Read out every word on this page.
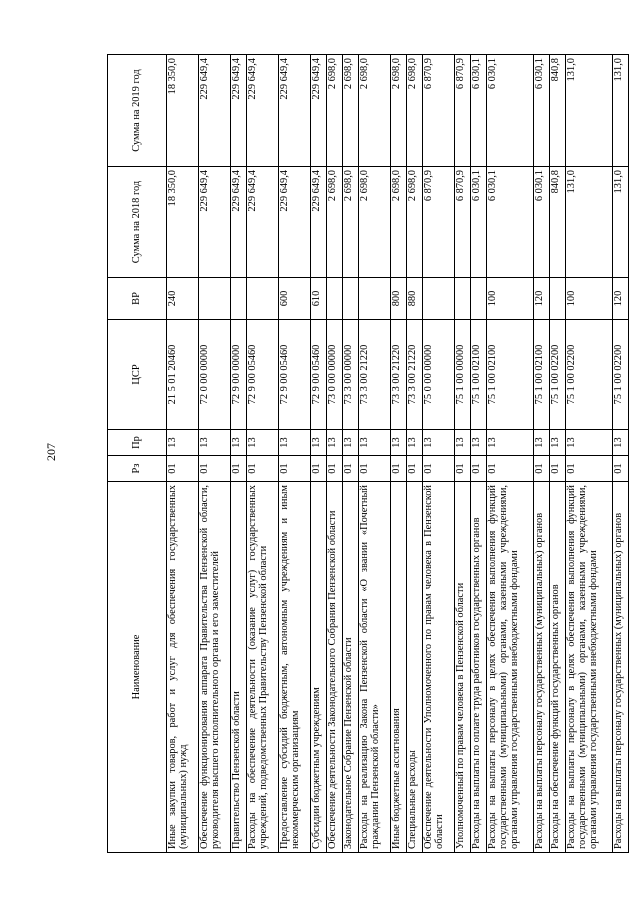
207
Наименование	Рз	Пр	ЦСР	ВР	Сумма на 2018 год	Сумма на 2019 год
Иные закупки товаров, работ и услуг для обеспечения государственных (муниципальных) нужд	01	13	21 5 01 20460	240	18 350,0	18 350,0
Обеспечение функционирования аппарата Правительства Пензенской области, руководителя высшего исполнительного органа и его заместителей	01	13	72 0 00 00000		229 649,4	229 649,4
Правительство Пензенской области	01	13	72 9 00 00000		229 649,4	229 649,4
Расходы на обеспечение деятельности (оказание услуг) государственных учреждений, подведомственных Правительству Пензенской области	01	13	72 9 00 05460		229 649,4	229 649,4
Предоставление субсидий бюджетным, автономным учреждениям и иным некоммерческим организациям	01	13	72 9 00 05460	600	229 649,4	229 649,4
Субсидии бюджетным учреждениям	01	13	72 9 00 05460	610	229 649,4	229 649,4
Обеспечение деятельности Законодательного Собрания Пензенской области	01	13	73 0 00 00000		2 698,0	2 698,0
Законодательное Собрание Пензенской области	01	13	73 3 00 00000		2 698,0	2 698,0
Расходы на реализацию Закона Пензенской области «О звании «Почетный гражданин Пензенской области»	01	13	73 3 00 21220		2 698,0	2 698,0
Иные бюджетные ассигнования	01	13	73 3 00 21220	800	2 698,0	2 698,0
Специальные расходы	01	13	73 3 00 21220	880	2 698,0	2 698,0
Обеспечение деятельности Уполномоченного по правам человека в Пензенской области	01	13	75 0 00 00000		6 870,9	6 870,9
Уполномоченный по правам человека в Пензенской области	01	13	75 1 00 00000		6 870,9	6 870,9
Расходы на выплаты по оплате труда работников государственных органов	01	13	75 1 00 02100		6 030,1	6 030,1
Расходы на выплаты персоналу в целях обеспечения выполнения функций государственными (муниципальными) органами, казенными учреждениями, органами управления государственными внебюджетными фондами	01	13	75 1 00 02100	100	6 030,1	6 030,1
Расходы на выплаты персоналу государственных (муниципальных) органов	01	13	75 1 00 02100	120	6 030,1	6 030,1
Расходы на обеспечение функций государственных органов	01	13	75 1 00 02200		840,8	840,8
Расходы на выплаты персоналу в целях обеспечения выполнения функций государственными (муниципальными) органами, казенными учреждениями, органами управления государственными внебюджетными фондами	01	13	75 1 00 02200	100	131,0	131,0
Расходы на выплаты персоналу государственных (муниципальных) органов	01	13	75 1 00 02200	120	131,0	131,0
